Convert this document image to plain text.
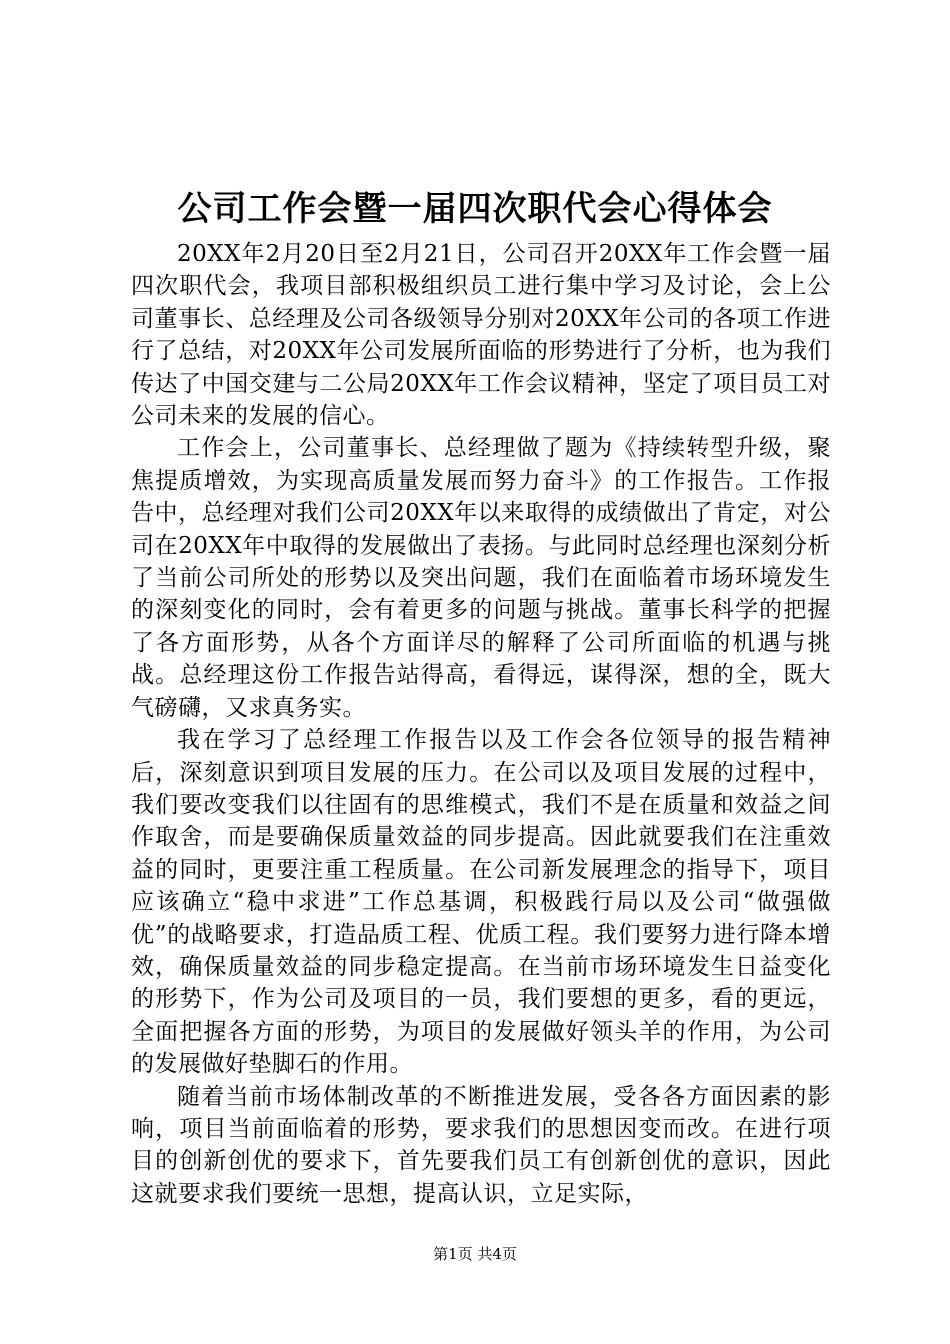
公司工作会暨一届四次职代会心得体会

20XX年2月20日至2月21日，公司召开20XX年工作会暨一届四次职代会，我项目部积极组织员工进行集中学习及讨论，会上公司董事长、总经理及公司各级领导分别对20XX年公司的各项工作进行了总结，对20XX年公司发展所面临的形势进行了分析，也为我们传达了中国交建与二公局20XX年工作会议精神，坚定了项目员工对公司未来的发展的信心。

工作会上，公司董事长、总经理做了题为《持续转型升级，聚焦提质增效，为实现高质量发展而努力奋斗》的工作报告。工作报告中，总经理对我们公司20XX年以来取得的成绩做出了肯定，对公司在20XX年中取得的发展做出了表扬。与此同时总经理也深刻分析了当前公司所处的形势以及突出问题，我们在面临着市场环境发生的深刻变化的同时，会有着更多的问题与挑战。董事长科学的把握了各方面形势，从各个方面详尽的解释了公司所面临的机遇与挑战。总经理这份工作报告站得高，看得远，谋得深，想的全，既大气磅礴，又求真务实。

我在学习了总经理工作报告以及工作会各位领导的报告精神后，深刻意识到项目发展的压力。在公司以及项目发展的过程中，我们要改变我们以往固有的思维模式，我们不是在质量和效益之间作取舍，而是要确保质量效益的同步提高。因此就要我们在注重效益的同时，更要注重工程质量。在公司新发展理念的指导下，项目应该确立“稳中求进”工作总基调，积极践行局以及公司“做强做优”的战略要求，打造品质工程、优质工程。我们要努力进行降本增效，确保质量效益的同步稳定提高。在当前市场环境发生日益变化的形势下，作为公司及项目的一员，我们要想的更多，看的更远，全面把握各方面的形势，为项目的发展做好领头羊的作用，为公司的发展做好垫脚石的作用。

随着当前市场体制改革的不断推进发展，受各各方面因素的影响，项目当前面临着的形势，要求我们的思想因变而改。在进行项目的创新创优的要求下，首先要我们员工有创新创优的意识，因此这就要求我们要统一思想，提高认识，立足实际，

第1页 共4页
